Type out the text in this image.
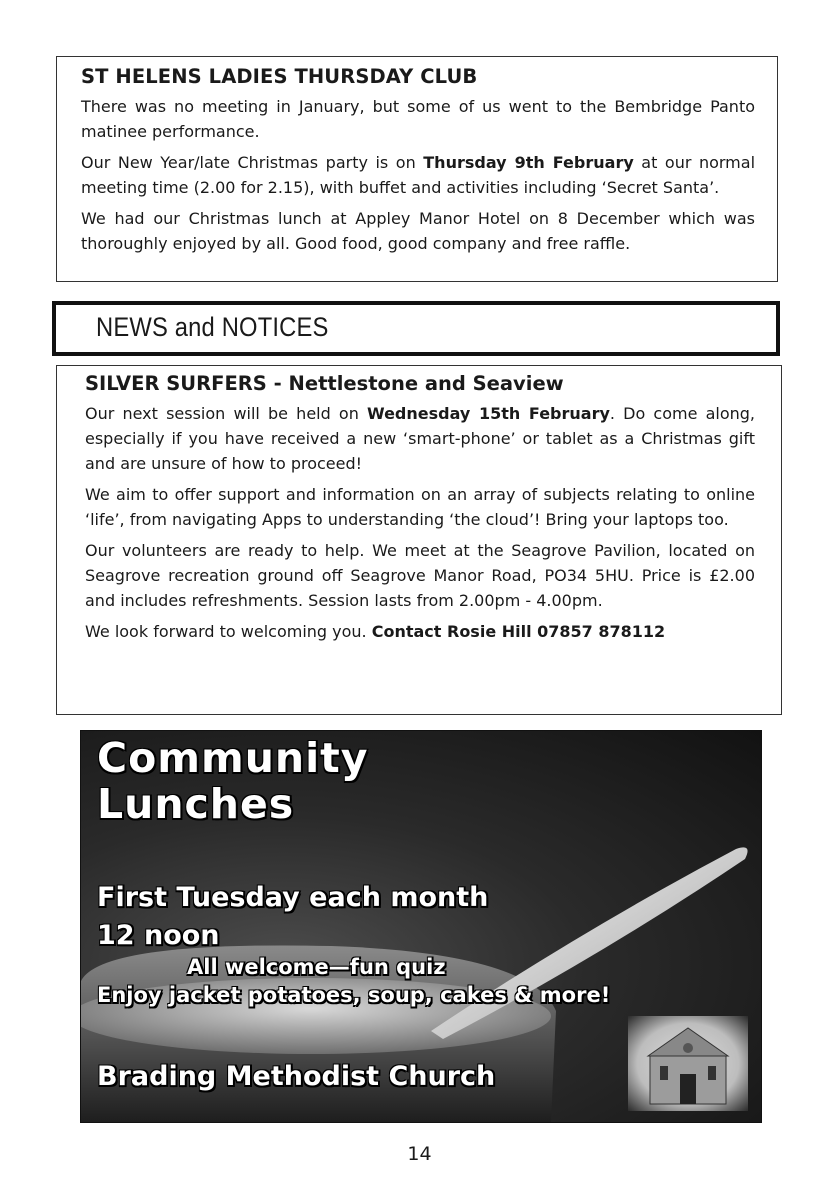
ST HELENS LADIES THURSDAY CLUB

There was no meeting in January, but some of us went to the Bembridge Panto matinee performance.

Our New Year/late Christmas party is on Thursday 9th February at our normal meeting time (2.00 for 2.15), with buffet and activities including ‘Secret Santa’.

We had our Christmas lunch at Appley Manor Hotel on 8 December which was thoroughly enjoyed by all. Good food, good company and free raffle.

NEWS and NOTICES
SILVER SURFERS - Nettlestone and Seaview

Our next session will be held on Wednesday 15th February. Do come along, especially if you have received a new ‘smart-phone’ or tablet as a Christmas gift and are unsure of how to proceed!

We aim to offer support and information on an array of subjects relating to online ‘life’, from navigating Apps to understanding ‘the cloud’! Bring your laptops too.

Our volunteers are ready to help. We meet at the Seagrove Pavilion, located on Seagrove recreation ground off Seagrove Manor Road, PO34 5HU. Price is £2.00 and includes refreshments. Session lasts from 2.00pm - 4.00pm.

We look forward to welcoming you. Contact Rosie Hill 07857 878112

Community
Lunches
First Tuesday each month
12 noon
All welcome—fun quiz
Enjoy jacket potatoes, soup, cakes & more!
Brading Methodist Church
14
